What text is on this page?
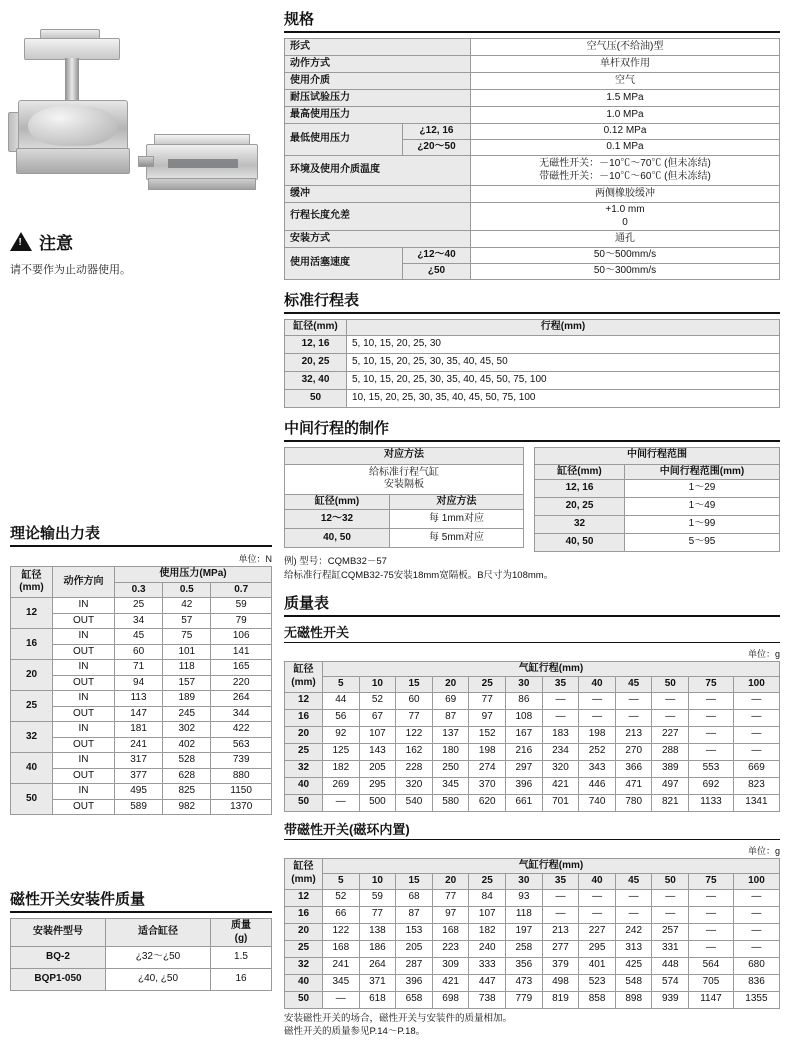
!
注意
请不要作为止动器使用。
理论输出力表
单位：N
缸径
(mm)	动作方向	使用压力(MPa)		
		0.3	0.5	0.7
12	IN	25	42	59
	OUT	34	57	79
16	IN	45	75	106
	OUT	60	101	141
20	IN	71	118	165
	OUT	94	157	220
25	IN	113	189	264
	OUT	147	245	344
32	IN	181	302	422
	OUT	241	402	563
40	IN	317	528	739
	OUT	377	628	880
50	IN	495	825	1150
	OUT	589	982	1370
磁性开关安装件质量
安装件型号	适合缸径	质量
(g)

BQ-2	¿32～¿50	1.5
BQP1-050	¿40, ¿50	16
规格
形式		空气压(不给油)型
动作方式		单杆双作用
使用介质		空气
耐压试验压力		1.5 MPa
最高使用压力		1.0 MPa
最低使用压力	¿12, 16	0.12 MPa
	¿20～50	0.1 MPa
环境及使用介质温度		无磁性开关：－10℃～70℃ (但未冻结)
带磁性开关：－10℃～60℃ (但未冻结)

缓冲		两侧橡胶缓冲
行程长度允差		+1.0 mm
0

安装方式		通孔
使用活塞速度	¿12～40	50～500mm/s
	¿50	50～300mm/s
标准行程表
缸径(mm)	行程(mm)
12, 16	5, 10, 15, 20, 25, 30
20, 25	5, 10, 15, 20, 25, 30, 35, 40, 45, 50
32, 40	5, 10, 15, 20, 25, 30, 35, 40, 45, 50, 75, 100
50	10, 15, 20, 25, 30, 35, 40, 45, 50, 75, 100
中间行程的制作
对应方法	

给标准行程气缸
安装隔板	

缸径(mm)	对应方法
12～32	每 1mm对应
40, 50	每 5mm对应
中间行程范围	
缸径(mm)	中间行程范围(mm)
12, 16	1～29
20, 25	1～49
32	1～99
40, 50	5～95
例) 型号：CQMB32－57
给标准行程缸CQMB32-75安装18mm宽隔板。B尺寸为108mm。
质量表
无磁性开关
单位：g
缸径
(mm)	气缸行程(mm)											
	5	10	15	20	25	30	35	40	45	50	75	100
12	44	52	60	69	77	86	—	—	—	—	—	—
16	56	67	77	87	97	108	—	—	—	—	—	—
20	92	107	122	137	152	167	183	198	213	227	—	—
25	125	143	162	180	198	216	234	252	270	288	—	—
32	182	205	228	250	274	297	320	343	366	389	553	669
40	269	295	320	345	370	396	421	446	471	497	692	823
50	—	500	540	580	620	661	701	740	780	821	1133	1341
带磁性开关(磁环内置)
单位：g
缸径
(mm)	气缸行程(mm)											
	5	10	15	20	25	30	35	40	45	50	75	100
12	52	59	68	77	84	93	—	—	—	—	—	—
16	66	77	87	97	107	118	—	—	—	—	—	—
20	122	138	153	168	182	197	213	227	242	257	—	—
25	168	186	205	223	240	258	277	295	313	331	—	—
32	241	264	287	309	333	356	379	401	425	448	564	680
40	345	371	396	421	447	473	498	523	548	574	705	836
50	—	618	658	698	738	779	819	858	898	939	1147	1355
安装磁性开关的场合，磁性开关与安装件的质量相加。
磁性开关的质量参见P.14～P.18。
